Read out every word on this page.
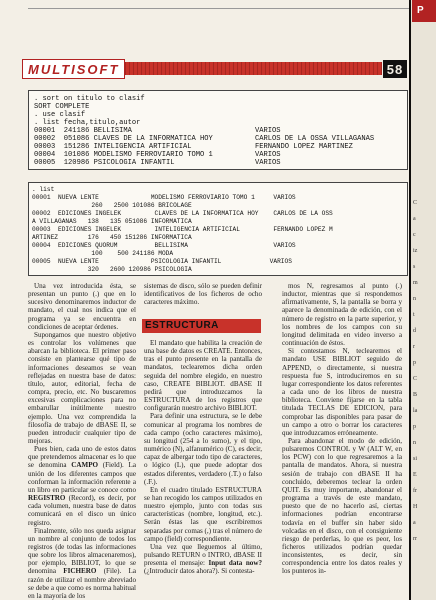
MULTISOFT	58
. sort on titulo to clasif
SORT COMPLETE
. use clasif
. list fecha,titulo,autor
00001  241186 BELLISIMA	VARIOS
00002  051086 CLAVES DE LA INFORMATICA HOY	CARLOS DE LA OSSA VILLAGANAS
00003  151286 INTELIGENCIA ARTIFICIAL	FERNANDO LOPEZ MARTINEZ
00004  101086 MODELISMO FERROVIARIO TOMO 1	VARIOS
00005  120986 PSICOLOGIA INFANTIL	VARIOS
. list
00001  NUEVA LENTE              MODELISMO FERROVIARIO TOMO 1     VARIOS
260   2500 101086 BRICOLAGE
00002  EDICIONES INGELEK         CLAVES DE LA INFORMATICA HOY    CARLOS DE LA OSS
A VILLAGANAS   138   135 051086 INFORMATICA
00003  EDICIONES INGELEK         INTELIGENCIA ARTIFICIAL         FERNANDO LOPEZ M
ARTINEZ        176   450 151286 INFORMATICA
00004  EDICIONES QUORUM          BELLISIMA                       VARIOS
100    500 241186 MODA
00005  NUEVA LENTE              PSICOLOGIA INFANTIL             VARIOS
320   2600 120986 PSICOLOGIA

Una vez introducida ésta, se presentan un punto (.) que en lo sucesivo denominaremos inductor de mandato, el cual nos indica que el programa ya se encuentra en condiciones de aceptar órdenes.

Supongamos que nuestro objetivo es controlar los volúmenes que abarcan la biblioteca. El primer paso consiste en plantearse qué tipo de informaciones deseamos se vean reflejadas en nuestra base de datos: título, autor, editorial, fecha de compra, precio, etc. No buscaremos excesivas complicaciones para no embarullar inútilmente nuestro ejemplo. Una vez comprendida la filosofía de trabajo de dBASE II, se pueden introducir cualquier tipo de mejoras.

Pues bien, cada uno de estos datos que pretendemos almacenar es lo que se denomina CAMPO (Field). La unión de los diferentes campos que conforman la información referente a un libro en particular se conoce como REGISTRO (Record), es decir, por cada volumen, nuestra base de datos comunicará en el disco un único registro.

Finalmente, sólo nos queda asignar un nombre al conjunto de todos los registros (de todas las informaciones que sobre los libros almacenaremos), por ejemplo, BIBLIOT, lo que se denomina FICHERO (File). La razón de utilizar el nombre abreviado se debe a que como es norma habitual en la mayoría de los

sistemas de disco, sólo se pueden definir identificativos de los ficheros de ocho caracteres máximo.

ESTRUCTURA

El mandato que habilita la creación de una base de datos es CREATE. Entonces, tras el punto presente en la pantalla de mandatos, teclearemos dicha orden seguida del nombre elegido, en nuestro caso, CREATE BIBLIOT. dBASE II pedirá que introduzcamos la ESTRUCTURA de los registros que configurarán nuestro archivo BIBLIOT.

Para definir una estructura, se le debe comunicar al programa los nombres de cada campo (ocho caracteres máximo), su longitud (254 a lo sumo), y el tipo, numérico (N), alfanumérico (C), es decir, capaz de albergar todo tipo de caracteres, o lógico (L), que puede adoptar dos estados diferentes, verdadero (.T.) o falso (.F.).

En el cuadro titulado ESTRUCTURA se han recogido los campos utilizados en nuestro ejemplo, junto con todas sus características (nombre, longitud, etc.). Serán éstas las que escribiremos separadas por comas (,) tras el número de campo (field) correspondiente.

Una vez que lleguemos al último, pulsando RETURN o INTRO, dBASE II presenta el mensaje: Input data now? (¿Introducir datos ahora?). Si contesta-

mos N, regresamos al punto (.) inductor, mientras que si respondemos afirmativamente, S, la pantalla se borra y aparece la denominada de edición, con el número de registro en la parte superior, y los nombres de los campos con su longitud delimitada en video inverso a continuación de éstos.

Si contestamos N, teclearemos el mandato USE BIBLIOT seguido de APPEND, o directamente, si nuestra respuesta fue S, introduciremos en su lugar correspondiente los datos referentes a cada uno de los libros de nuestra biblioteca. Conviene fijarse en la tabla titulada TECLAS DE EDICION, para comprobar las disponibles para pasar de un campo a otro o borrar los caracteres que introduzcamos erróneamente.

Para abandonar el modo de edición, pulsaremos CONTROL y W (ALT W, en los PCW) con lo que regresaremos a la pantalla de mandatos. Ahora, si nuestra sesión de trabajo con dBASE II ha concluido, deberemos teclear la orden QUIT. Es muy importante, abandonar el programa a través de este mandato, puesto que de no hacerlo así, ciertas informaciones podrían encontrarse todavía en el buffer sin haber sido volcadas en el disco, con el consiguiente riesgo de perderlas, lo que es peor, los ficheros utilizados podrían quedar inconsistentes, es decir, sin correspondencia entre los datos reales y los punteros in-

P
C
a
c
iz
s
m
n
t
d
r
p
C
B
la
p
n
si
E
fr
H
a
rr
